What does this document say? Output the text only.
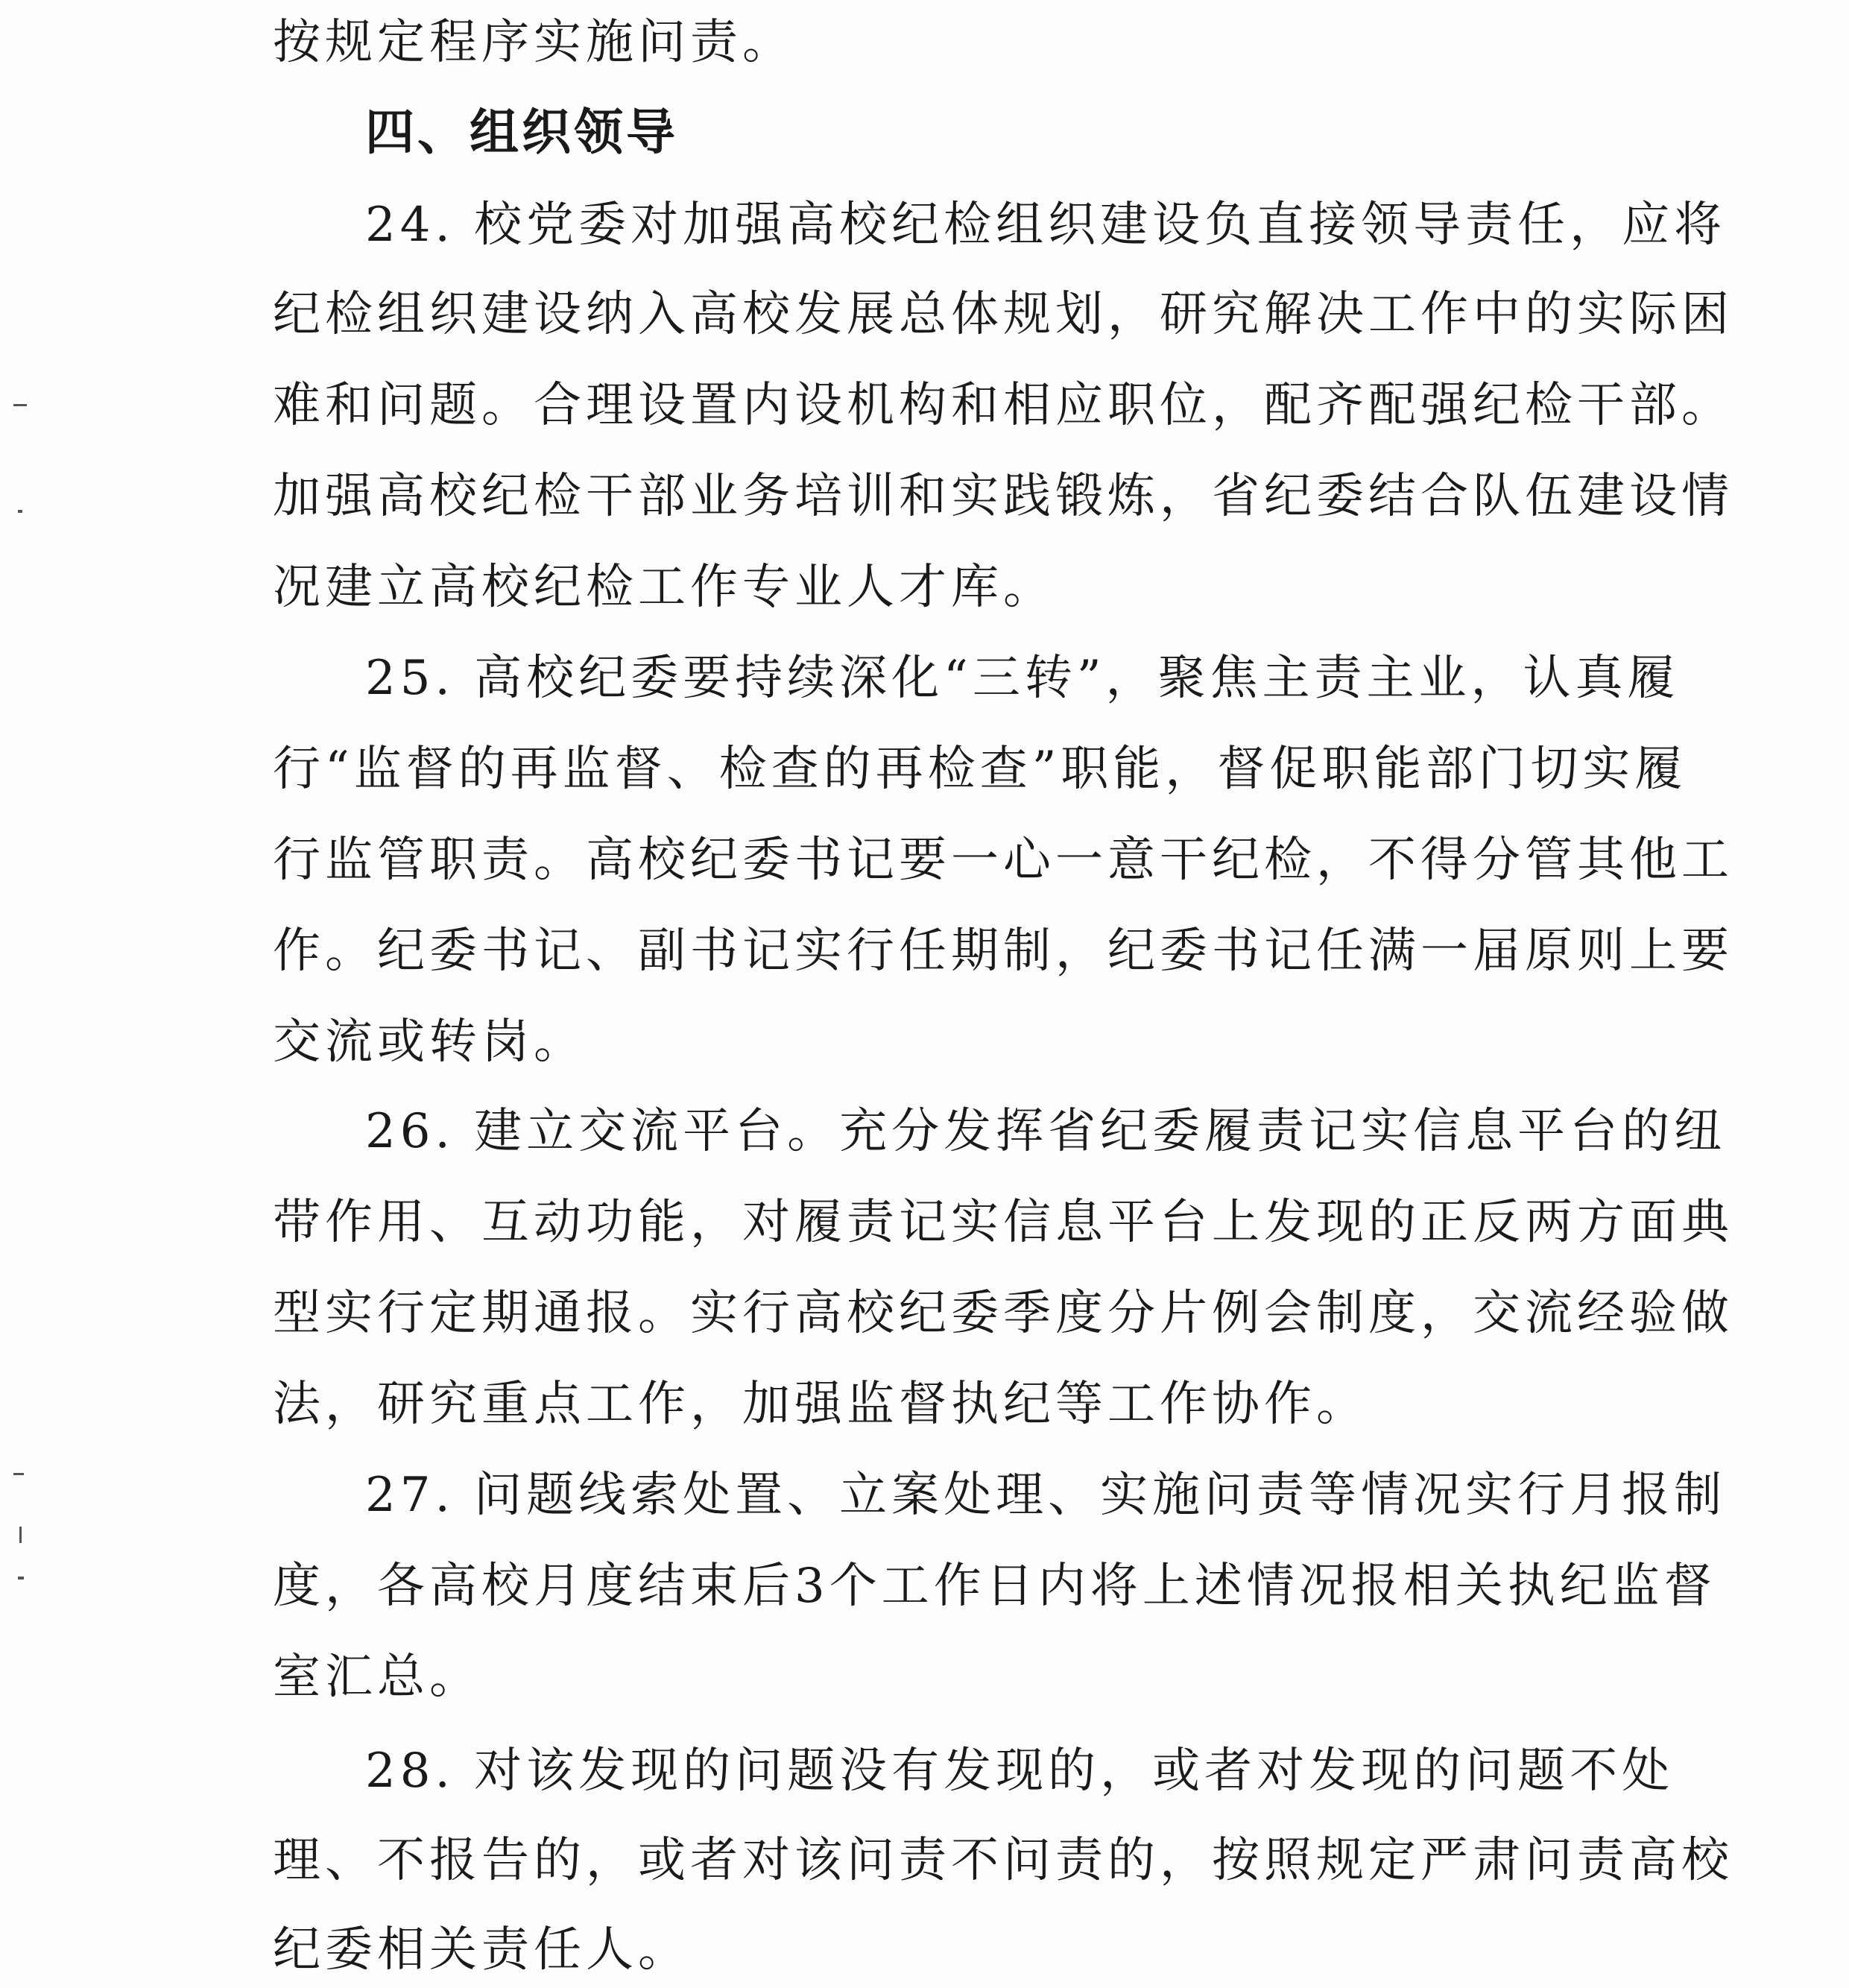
按规定程序实施问责。
四、组织领导
24. 校党委对加强高校纪检组织建设负直接领导责任，应将
纪检组织建设纳入高校发展总体规划，研究解决工作中的实际困
难和问题。合理设置内设机构和相应职位，配齐配强纪检干部。
加强高校纪检干部业务培训和实践锻炼，省纪委结合队伍建设情
况建立高校纪检工作专业人才库。
25. 高校纪委要持续深化“三转”，聚焦主责主业，认真履
行“监督的再监督、检查的再检查”职能，督促职能部门切实履
行监管职责。高校纪委书记要一心一意干纪检，不得分管其他工
作。纪委书记、副书记实行任期制，纪委书记任满一届原则上要
交流或转岗。
26. 建立交流平台。充分发挥省纪委履责记实信息平台的纽
带作用、互动功能，对履责记实信息平台上发现的正反两方面典
型实行定期通报。实行高校纪委季度分片例会制度，交流经验做
法，研究重点工作，加强监督执纪等工作协作。
27. 问题线索处置、立案处理、实施问责等情况实行月报制
度，各高校月度结束后3个工作日内将上述情况报相关执纪监督
室汇总。
28. 对该发现的问题没有发现的，或者对发现的问题不处
理、不报告的，或者对该问责不问责的，按照规定严肃问责高校
纪委相关责任人。
